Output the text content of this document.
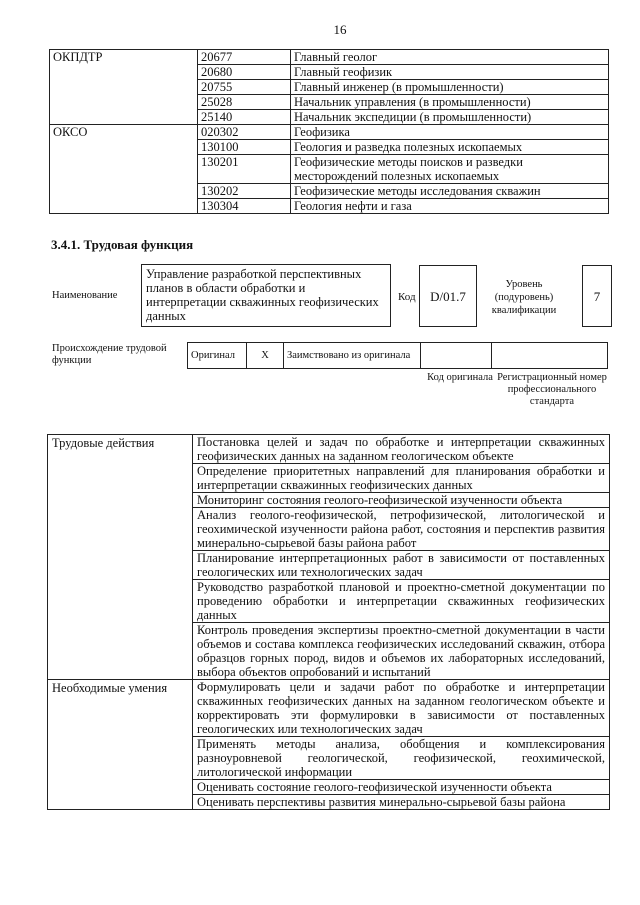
16
ОКПДТР	20677	Главный геолог
	20680	Главный геофизик
	20755	Главный инженер (в промышленности)
	25028	Начальник управления (в промышленности)
	25140	Начальник экспедиции (в промышленности)
ОКСО	020302	Геофизика
	130100	Геология и разведка полезных ископаемых
	130201	Геофизические методы поисков и разведки месторождений полезных ископаемых
	130202	Геофизические методы исследования скважин
	130304	Геология нефти и газа
3.4.1. Трудовая функция
Наименование
Управление разработкой перспективных планов в области обработки и интерпретации скважинных геофизических данных
Код	D/01.7
Уровень (подуровень) квалификации
7
Происхождение трудовой функции	Оригинал	X	Заимствовано из оригинала		
Код оригинала Регистрационный номер профессионального стандарта
Трудовые действия	Постановка целей и задач по обработке и интерпретации скважинных геофизических данных на заданном геологическом объекте
	Определение приоритетных направлений для планирования обработки и интерпретации скважинных геофизических данных
	Мониторинг состояния геолого-геофизической изученности объекта
	Анализ геолого-геофизической, петрофизической, литологической и геохимической изученности района работ, состояния и перспектив развития минерально-сырьевой базы района работ
	Планирование интерпретационных работ в зависимости от поставленных геологических или технологических задач
	Руководство разработкой плановой и проектно-сметной документации по проведению обработки и интерпретации скважинных геофизических данных
	Контроль проведения экспертизы проектно-сметной документации в части объемов и состава комплекса геофизических исследований скважин, отбора образцов горных пород, видов и объемов их лабораторных исследований, выбора объектов опробований и испытаний
Необходимые умения	Формулировать цели и задачи работ по обработке и интерпретации скважинных геофизических данных на заданном геологическом объекте и корректировать эти формулировки в зависимости от поставленных геологических или технологических задач
	Применять методы анализа, обобщения и комплексирования разноуровневой геологической, геофизической, геохимической, литологической информации
	Оценивать состояние геолого-геофизической изученности объекта
	Оценивать перспективы развития минерально-сырьевой базы района
